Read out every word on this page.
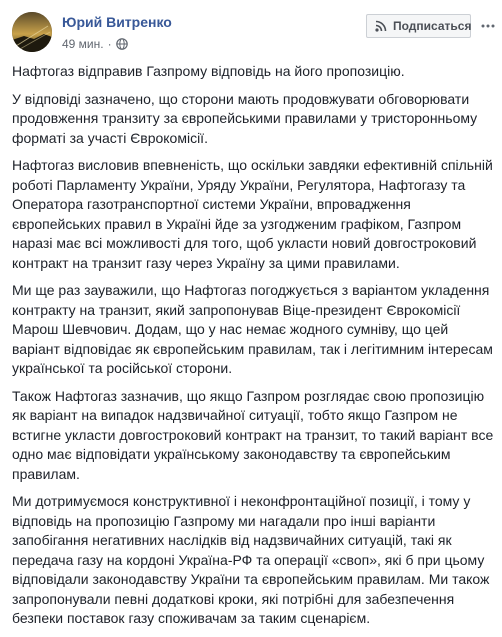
Юрий Витренко
49 мин. ·
Подписаться

Нафтогаз відправив Газпрому відповідь на його пропозицію.

У відповіді зазначено, що сторони мають продовжувати обговорювати продовження транзиту за європейськими правилами у тристоронньому форматі за участі Єврокомісії.

Нафтогаз висловив впевненість, що оскільки завдяки ефективній спільній роботі Парламенту України, Уряду України, Регулятора, Нафтогазу та Оператора газотранспортної системи України, впровадження європейських правил в Україні йде за узгодженим графіком, Газпром наразі має всі можливості для того, щоб укласти новий довгостроковий контракт на транзит газу через Україну за цими правилами.

Ми ще раз зауважили, що Нафтогаз погоджується з варіантом укладення контракту на транзит, який запропонував Віце-президент Єврокомісії Марош Шевчович. Додам, що у нас немає жодного сумніву, що цей варіант відповідає як європейським правилам, так і легітимним інтересам української та російської сторони.

Також Нафтогаз зазначив, що якщо Газпром розглядає свою пропозицію як варіант на випадок надзвичайної ситуації, тобто якщо Газпром не встигне укласти довгостроковий контракт на транзит, то такий варіант все одно має відповідати українському законодавству та європейським правилам.

Ми дотримуємося конструктивної і неконфронтаційної позиції, і тому у відповідь на пропозицію Газпрому ми нагадали про інші варіанти запобігання негативних наслідків від надзвичайних ситуацій, такі як передача газу на кордоні Україна-РФ та операції «своп», які б при цьому відповідали законодавству України та європейським правилам. Ми також запропонували певні додаткові кроки, які потрібні для забезпечення безпеки поставок газу споживачам за таким сценарієм.
